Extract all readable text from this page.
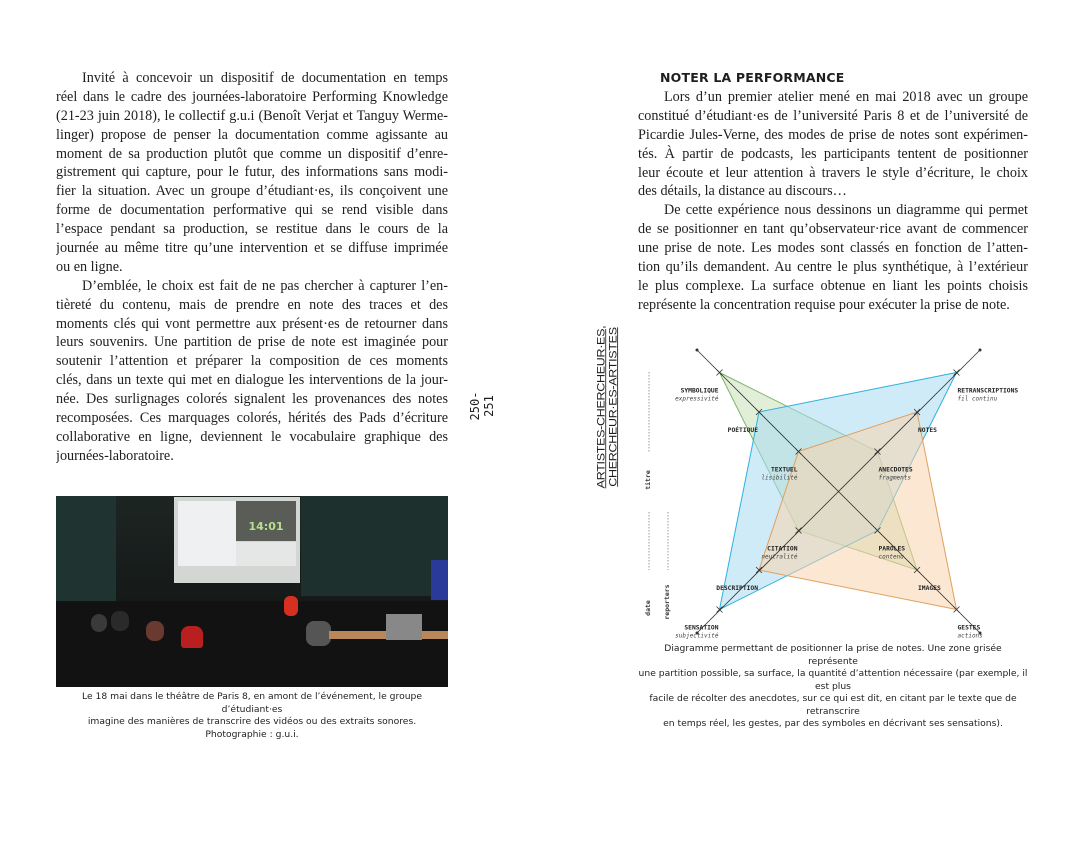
Invité à concevoir un dispositif de documentation en temps
réel dans le cadre des journées-laboratoire Performing Knowledge
(21-23 juin 2018), le collectif g.u.i (Benoît Verjat et Tanguy Werme-
linger) propose de penser la documentation comme agissante au
moment de sa production plutôt que comme un dispositif d’enre-
gistrement qui capture, pour le futur, des informations sans modi-
fier la situation. Avec un groupe d’étudiant·es, ils conçoivent une
forme de documentation performative qui se rend visible dans
l’espace pendant sa production, se restitue dans le cours de la
journée au même titre qu’une intervention et se diffuse imprimée
ou en ligne.
D’emblée, le choix est fait de ne pas chercher à capturer l’en-
tièreté du contenu, mais de prendre en note des traces et des
moments clés qui vont permettre aux présent·es de retourner dans
leurs souvenirs. Une partition de prise de note est imaginée pour
soutenir l’attention et préparer la composition de ces moments
clés, dans un texte qui met en dialogue les interventions de la jour-
née. Des surlignages colorés signalent les provenances des notes
recomposées. Ces marquages colorés, hérités des Pads d’écriture
collaborative en ligne, deviennent le vocabulaire graphique des
journées-laboratoire.
14:01
Le 18 mai dans le théâtre de Paris 8, en amont de l’événement, le groupe d’étudiant·es
imagine des manières de transcrire des vidéos ou des extraits sonores.
Photographie : g.u.i.
250-251	ARTISTES-CHERCHEUR·ES, CHERCHEUR·ES-ARTISTES
NOTER LA PERFORMANCE
Lors d’un premier atelier mené en mai 2018 avec un groupe
constitué d’étudiant·es de l’université Paris 8 et de l’université de
Picardie Jules-Verne, des modes de prise de notes sont expérimen-
tés. À partir de podcasts, les participants tentent de positionner
leur écoute et leur attention à travers le style d’écriture, le choix
des détails, la distance au discours…
De cette expérience nous dessinons un diagramme qui permet
de se positionner en tant qu’observateur·rice avant de commencer
une prise de note. Les modes sont classés en fonction de l’atten-
tion qu’ils demandent. Au centre le plus synthétique, à l’extérieur
le plus complexe. La surface obtenue en liant les points choisis
représente la concentration requise pour exécuter la prise de note.
titre
date reporters
TEXTUEL
lisibilité
POÉTIQUE
SYMBOLIQUE
expressivité
ANECDOTES
fragments
NOTES
RETRANSCRIPTIONS
fil continu
PAROLES
contenu
IMAGES
GESTES
actions
CITATION
neutralité
DESCRIPTION
SENSATION
subjectivité
Diagramme permettant de positionner la prise de notes. Une zone grisée représente
une partition possible, sa surface, la quantité d’attention nécessaire (par exemple, il est plus
facile de récolter des anecdotes, sur ce qui est dit, en citant par le texte que de retranscrire
en temps réel, les gestes, par des symboles en décrivant ses sensations).
